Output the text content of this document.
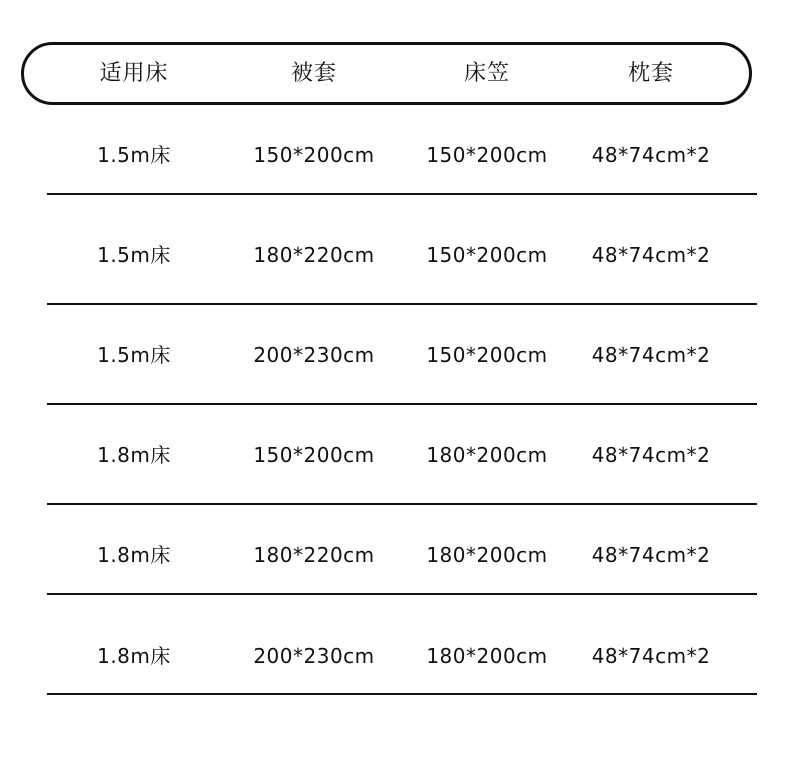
适用床	被套	床笠	枕套
1.5m床	150*200cm	150*200cm	48*74cm*2
1.5m床	180*220cm	150*200cm	48*74cm*2
1.5m床	200*230cm	150*200cm	48*74cm*2
1.8m床	150*200cm	180*200cm	48*74cm*2
1.8m床	180*220cm	180*200cm	48*74cm*2
1.8m床	200*230cm	180*200cm	48*74cm*2
